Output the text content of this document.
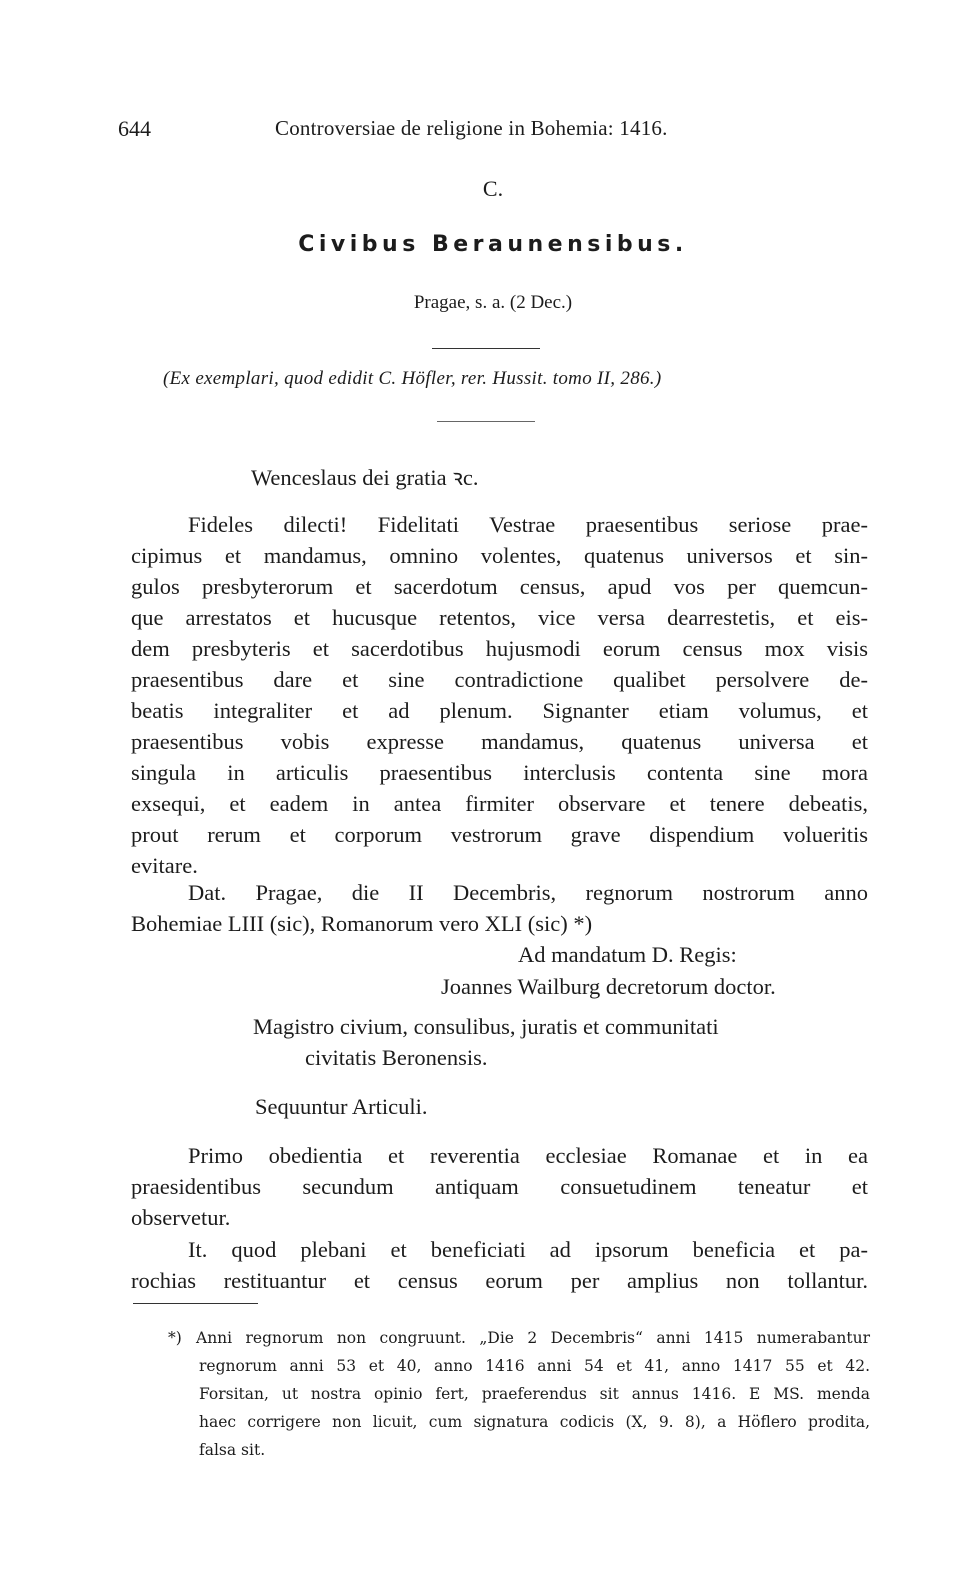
644	Controversiae de religione in Bohemia: 1416.
C.
Civibus Beraunensibus.
Pragae, s. a. (2 Dec.)
(Ex exemplari, quod edidit C. Höfler, rer. Hussit. tomo II, 286.)
Wenceslaus dei gratia ꝛc.
Fideles dilecti! Fidelitati Vestrae praesentibus seriose prae-
cipimus et mandamus, omnino volentes, quatenus universos et sin-
gulos presbyterorum et sacerdotum census, apud vos per quemcun-
que arrestatos et hucusque retentos, vice versa dearrestetis, et eis-
dem presbyteris et sacerdotibus hujusmodi eorum census mox visis
praesentibus dare et sine contradictione qualibet persolvere de-
beatis integraliter et ad plenum. Signanter etiam volumus, et
praesentibus vobis expresse mandamus, quatenus universa et
singula in articulis praesentibus interclusis contenta sine mora
exsequi, et eadem in antea firmiter observare et tenere debeatis,
prout rerum et corporum vestrorum grave dispendium volueritis
evitare.
Dat. Pragae, die II Decembris, regnorum nostrorum anno
Bohemiae LIII (sic), Romanorum vero XLI (sic) *)
Ad mandatum D. Regis:
Joannes Wailburg decretorum doctor.
Magistro civium, consulibus, juratis et communitati
civitatis Beronensis.
Sequuntur Articuli.
Primo obedientia et reverentia ecclesiae Romanae et in ea
praesidentibus secundum antiquam consuetudinem teneatur et
observetur.
It. quod plebani et beneficiati ad ipsorum beneficia et pa-
rochias restituantur et census eorum per amplius non tollantur.
*) Anni regnorum non congruunt. „Die 2 Decembris“ anni 1415 numerabantur
regnorum anni 53 et 40, anno 1416 anni 54 et 41, anno 1417 55 et 42.
Forsitan, ut nostra opinio fert, praeferendus sit annus 1416. E MS. menda
haec corrigere non licuit, cum signatura codicis (X, 9. 8), a Höflero prodita,
falsa sit.
